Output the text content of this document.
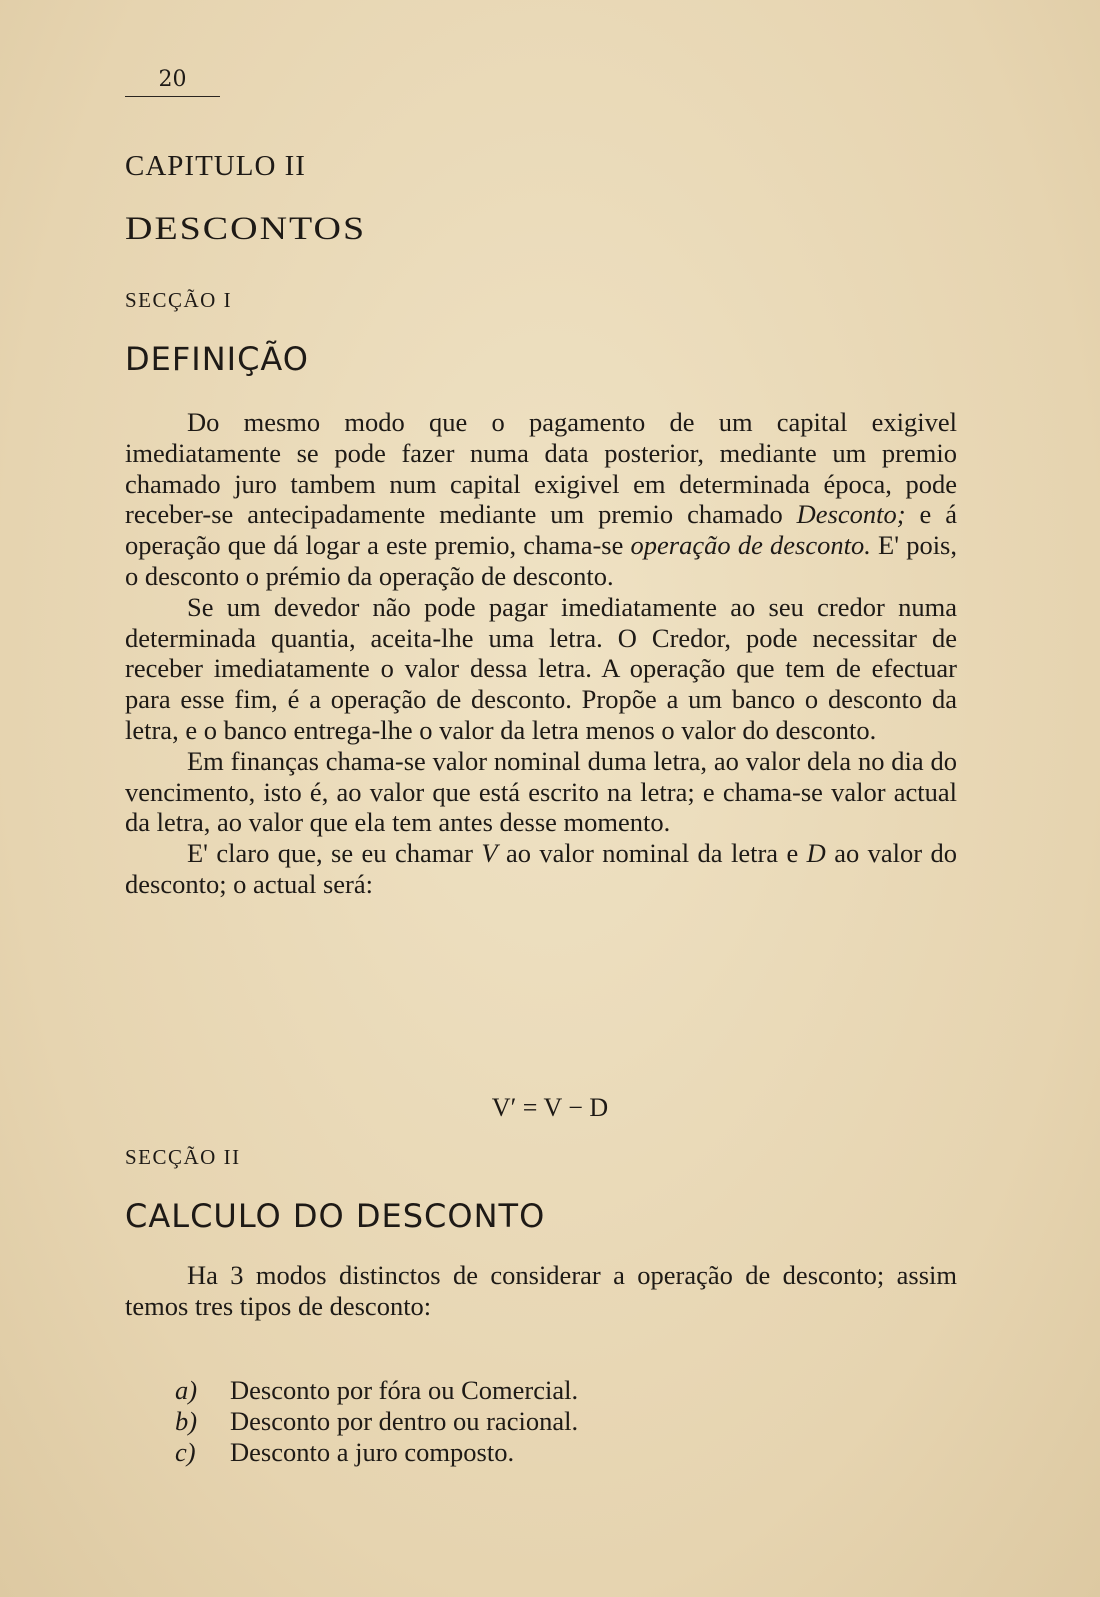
20
CAPITULO II
DESCONTOS
SECÇÃO I
DEFINIÇÃO

Do mesmo modo que o pagamento de um capital exigivel imediatamente se pode fazer numa data posterior, mediante um premio chamado juro tambem num capital exigivel em determinada época, pode receber-se antecipadamente mediante um premio chamado Desconto; e á operação que dá logar a este premio, chama-se operação de desconto. E' pois, o desconto o prémio da operação de desconto.

Se um devedor não pode pagar imediatamente ao seu credor numa determinada quantia, aceita-lhe uma letra. O Credor, pode necessitar de receber imediatamente o valor dessa letra. A operação que tem de efectuar para esse fim, é a operação de desconto. Propõe a um banco o desconto da letra, e o banco entrega-lhe o valor da letra menos o valor do desconto.

Em finanças chama-se valor nominal duma letra, ao valor dela no dia do vencimento, isto é, ao valor que está escrito na letra; e chama-se valor actual da letra, ao valor que ela tem antes desse momento.

E' claro que, se eu chamar V ao valor nominal da letra e D ao valor do desconto; o actual será:

V′ = V − D
SECÇÃO II
CALCULO DO DESCONTO

Ha 3 modos distinctos de considerar a operação de desconto; assim temos tres tipos de desconto:

a)	Desconto por fóra ou Comercial.
b)	Desconto por dentro ou racional.
c)	Desconto a juro composto.
